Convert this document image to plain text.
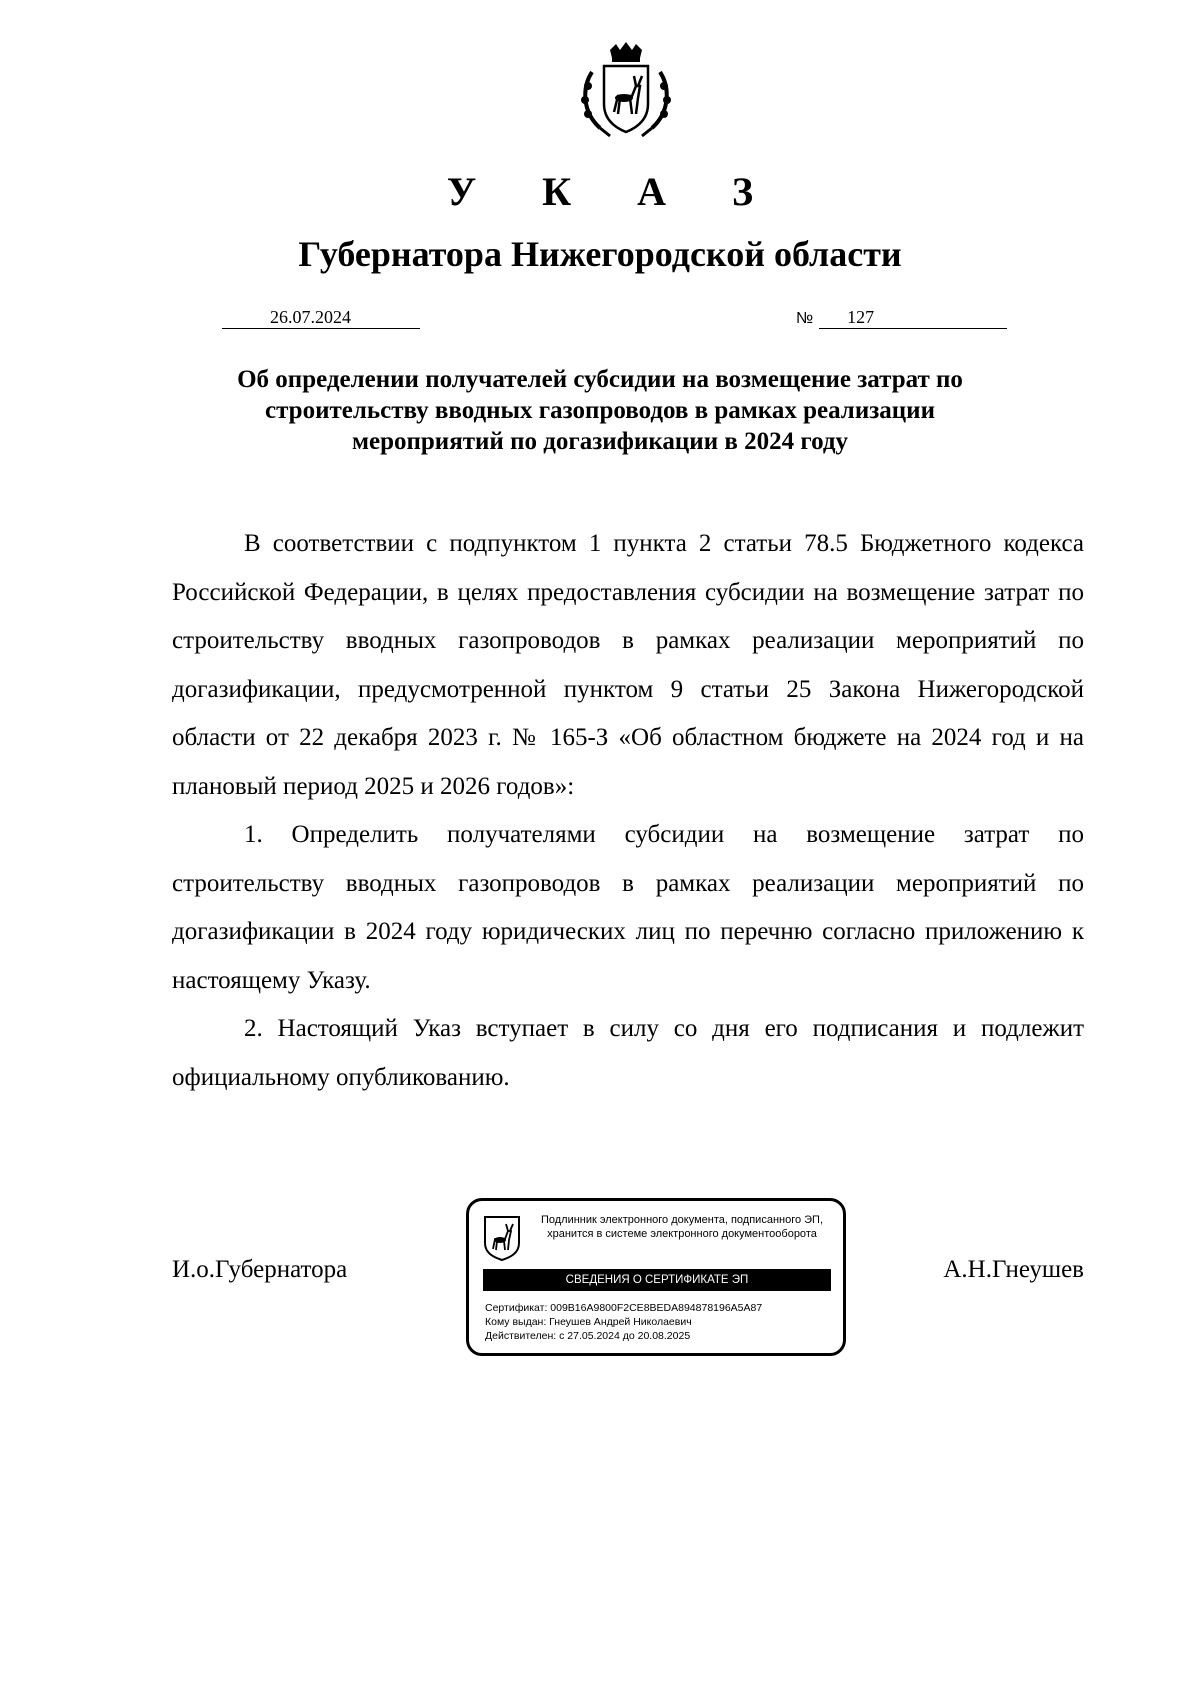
У К А З
Губернатора Нижегородской области
26.07.2024	№ 127
Об определении получателей субсидии на возмещение затрат по строительству вводных газопроводов в рамках реализации мероприятий по догазификации в 2024 году

В соответствии с подпунктом 1 пункта 2 статьи 78.5 Бюджетного кодекса Российской Федерации, в целях предоставления субсидии на возмещение затрат по строительству вводных газопроводов в рамках реализации мероприятий по догазификации, предусмотренной пунктом 9 статьи 25 Закона Нижегородской области от 22 декабря 2023 г. № 165-З «Об областном бюджете на 2024 год и на плановый период 2025 и 2026 годов»:

1. Определить получателями субсидии на возмещение затрат по строительству вводных газопроводов в рамках реализации мероприятий по догазификации в 2024 году юридических лиц по перечню согласно приложению к настоящему Указу.

2. Настоящий Указ вступает в силу со дня его подписания и подлежит официальному опубликованию.

И.о.Губернатора	А.Н.Гнеушев
Подлинник электронного документа, подписанного ЭП,
хранится в системе электронного документооборота
СВЕДЕНИЯ О СЕРТИФИКАТЕ ЭП
Сертификат: 009B16A9800F2CE8BEDA894878196A5A87
Кому выдан: Гнеушев Андрей Николаевич
Действителен: с 27.05.2024 до 20.08.2025
